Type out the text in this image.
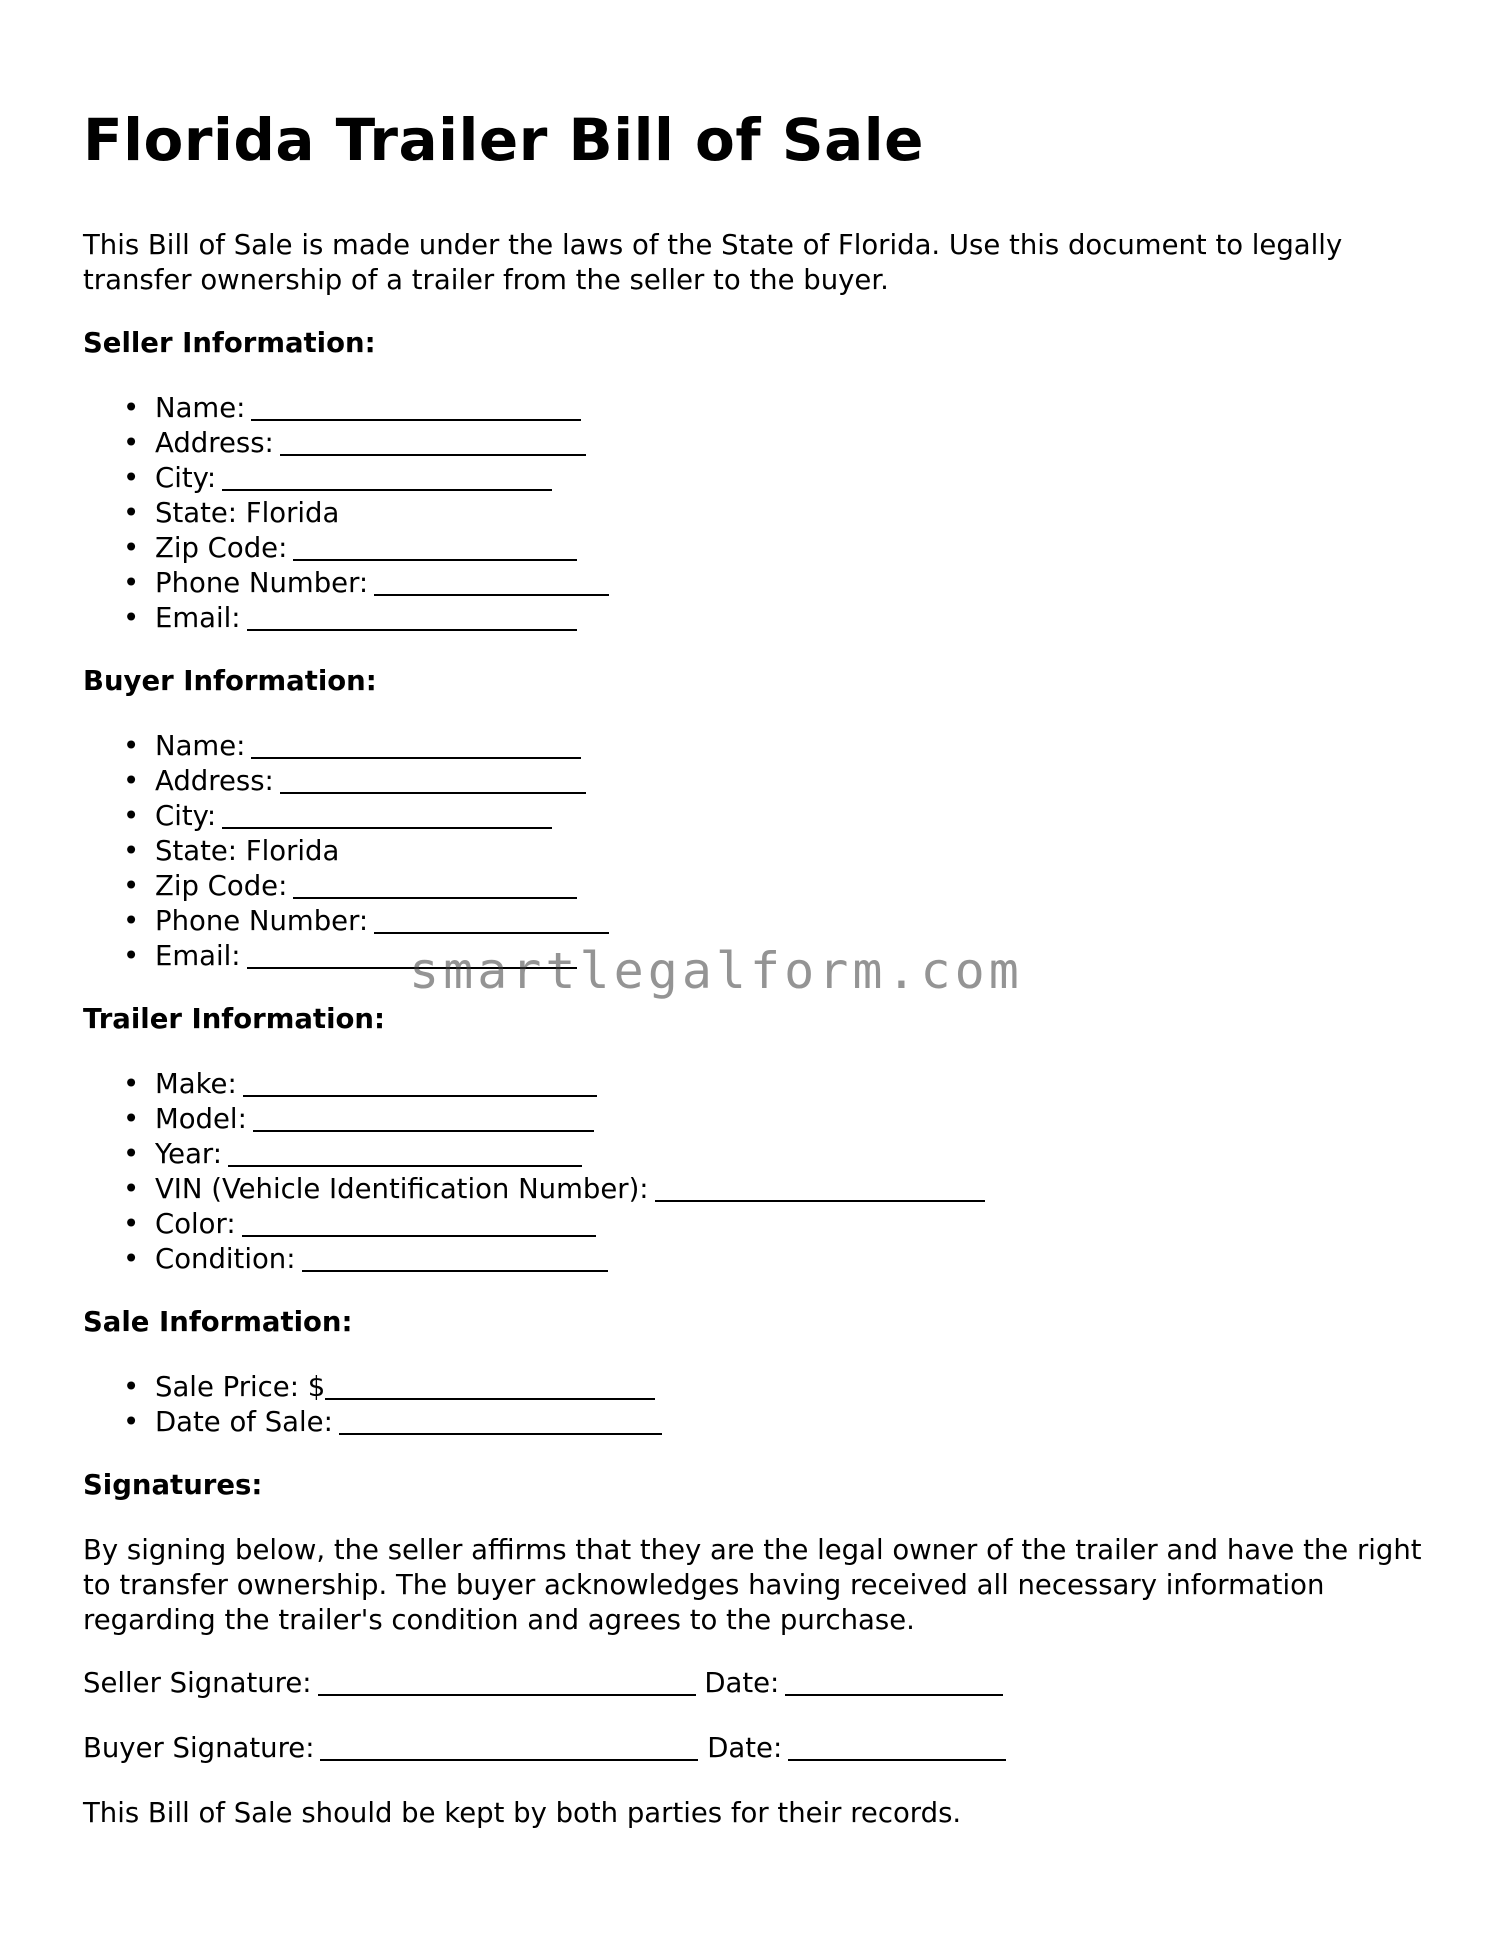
Florida Trailer Bill of Sale

This Bill of Sale is made under the laws of the State of Florida. Use this document to legally transfer ownership of a trailer from the seller to the buyer.

Seller Information:
• Name:
• Address:
• City:
• State: Florida
• Zip Code:
• Phone Number:
• Email:
Buyer Information:
• Name:
• Address:
• City:
• State: Florida
• Zip Code:
• Phone Number:
• Email:
Trailer Information:
• Make:
• Model:
• Year:
• VIN (Vehicle Identification Number):
• Color:
• Condition:
Sale Information:
• Sale Price: $
• Date of Sale:
Signatures:

By signing below, the seller affirms that they are the legal owner of the trailer and have the right to transfer ownership. The buyer acknowledges having received all necessary information regarding the trailer's condition and agrees to the purchase.

Seller Signature:	Date:
Buyer Signature:	Date:

This Bill of Sale should be kept by both parties for their records.

smartlegalform.com
